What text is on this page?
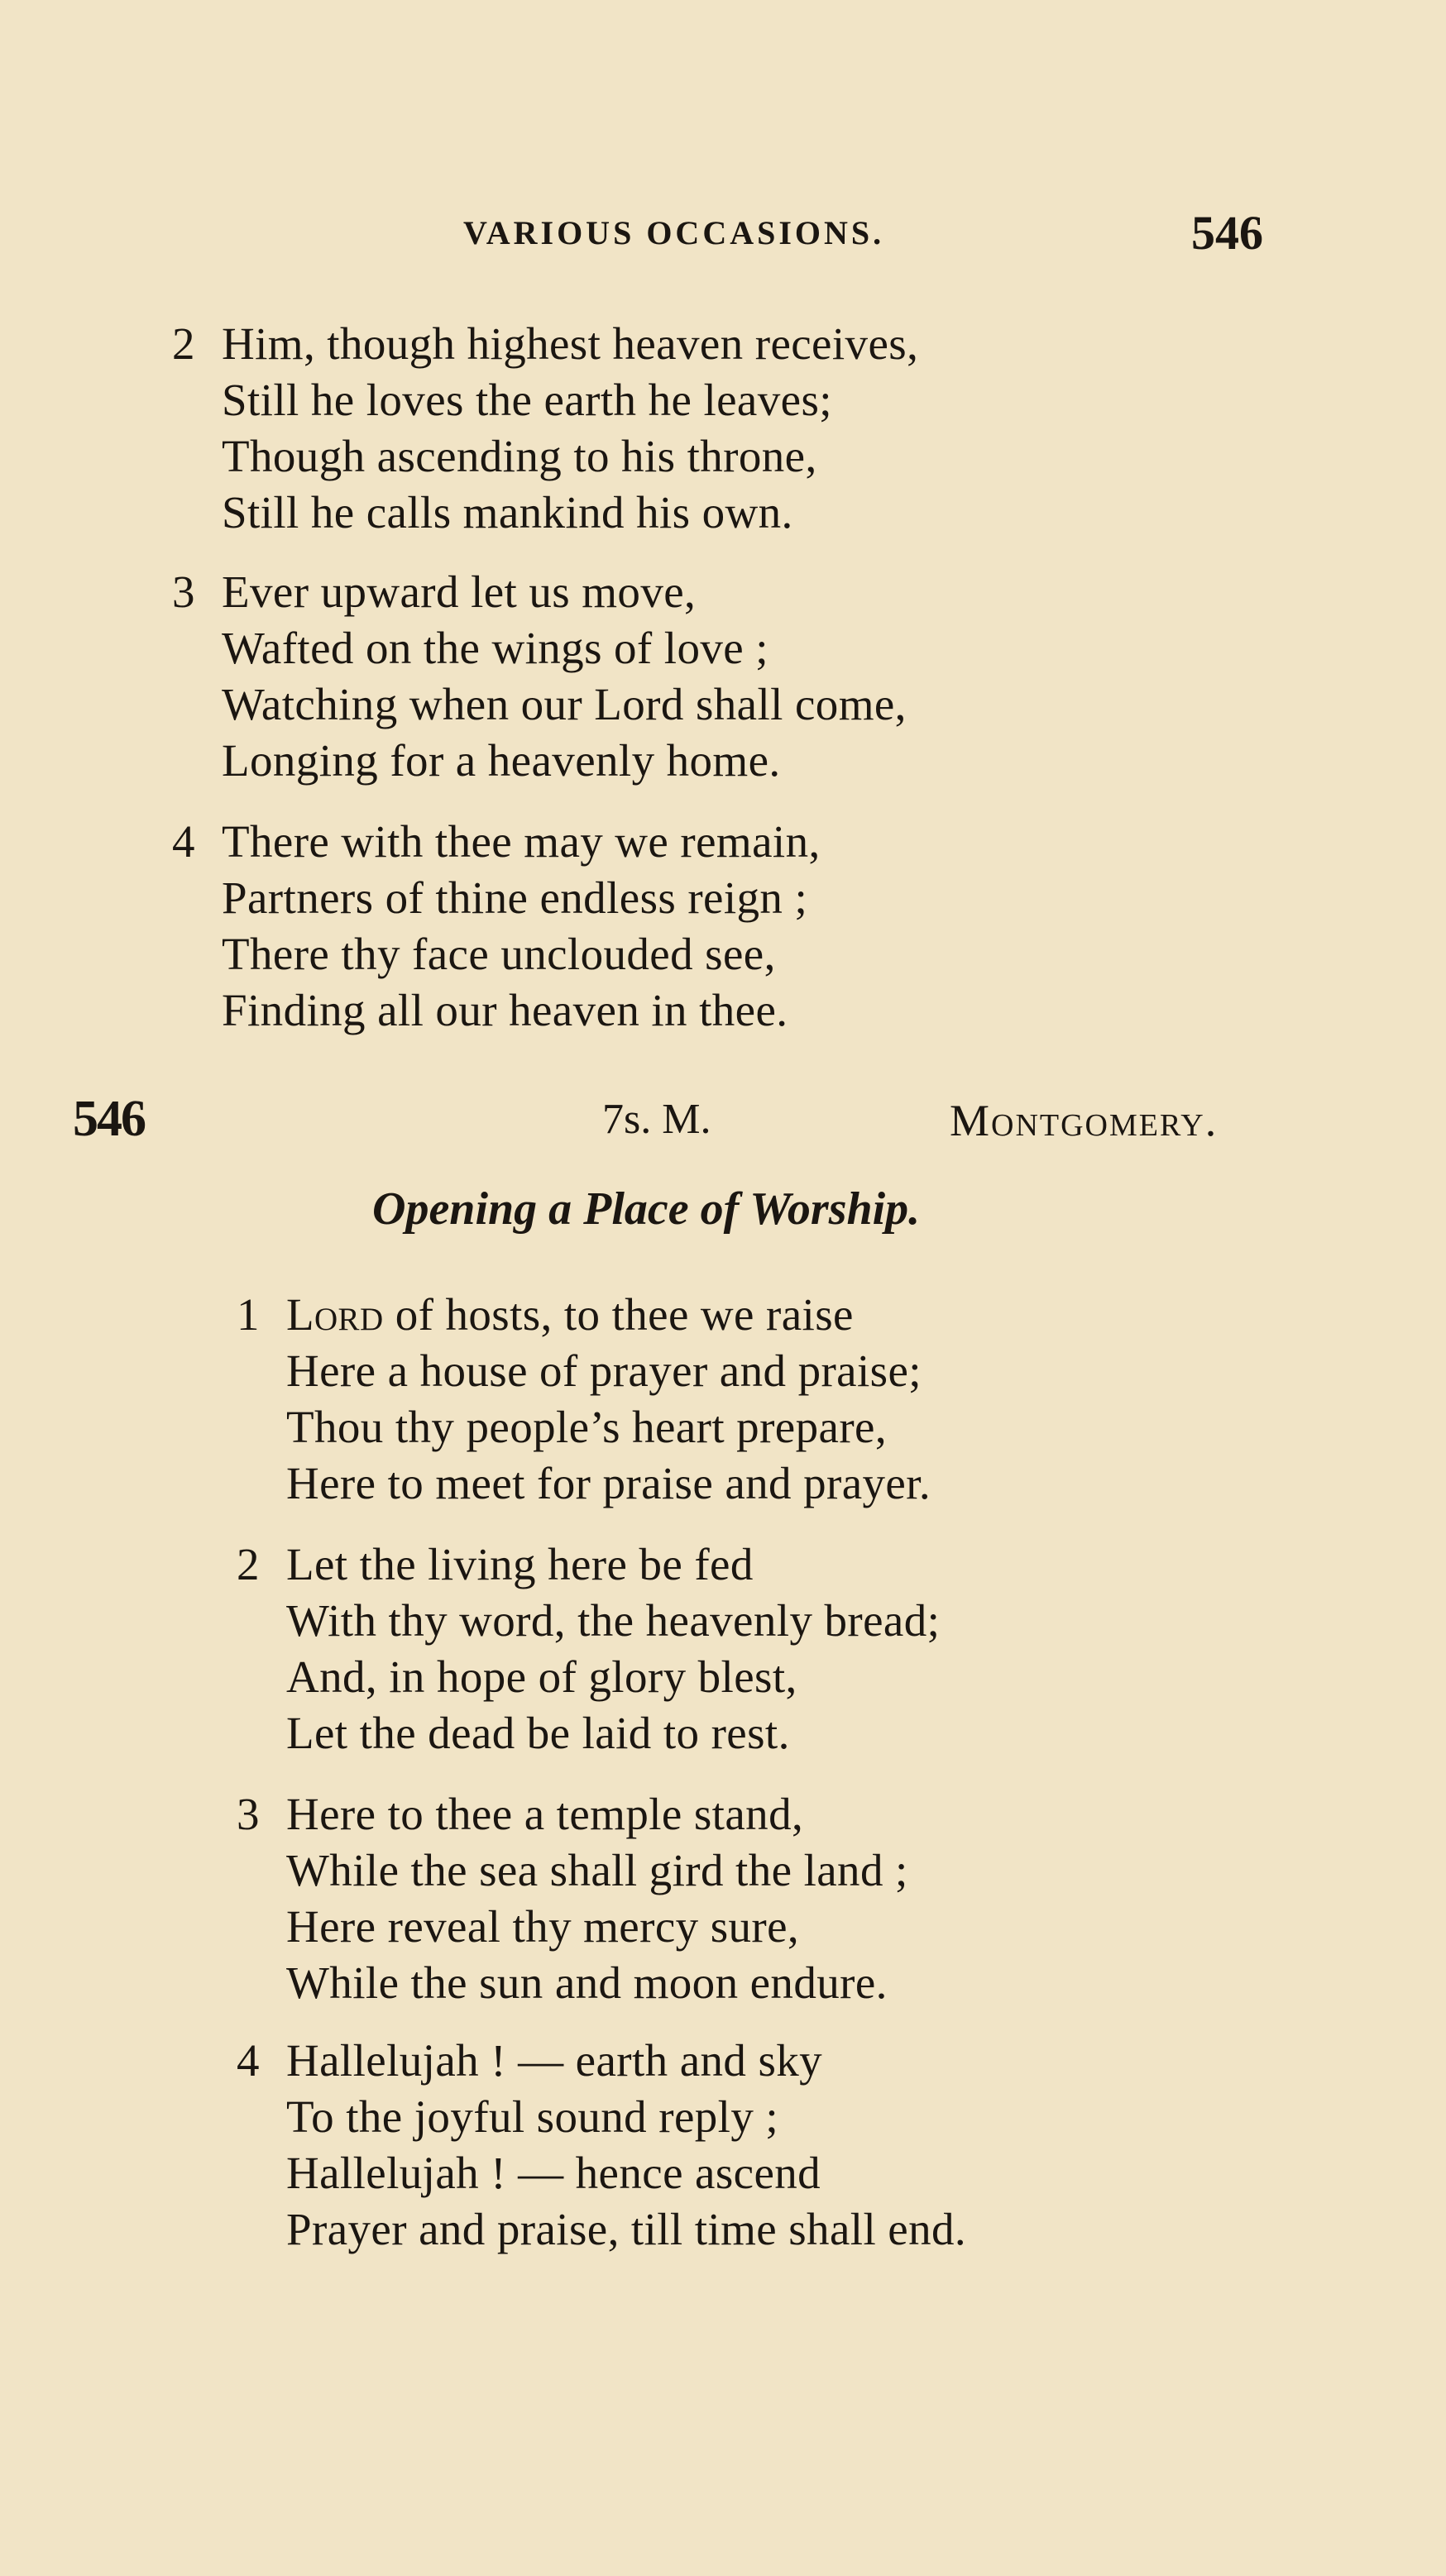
VARIOUS OCCASIONS.	546
2 Him, though highest heaven receives,
Still he loves the earth he leaves;
Though ascending to his throne,
Still he calls mankind his own.
3 Ever upward let us move,
Wafted on the wings of love ;
Watching when our Lord shall come,
Longing for a heavenly home.
4 There with thee may we remain,
Partners of thine endless reign ;
There thy face unclouded see,
Finding all our heaven in thee.
546	7s. M.	Montgomery.
Opening a Place of Worship.
1 Lord of hosts, to thee we raise
Here a house of prayer and praise;
Thou thy people’s heart prepare,
Here to meet for praise and prayer.
2 Let the living here be fed
With thy word, the heavenly bread;
And, in hope of glory blest,
Let the dead be laid to rest.
3 Here to thee a temple stand,
While the sea shall gird the land ;
Here reveal thy mercy sure,
While the sun and moon endure.
4 Hallelujah ! — earth and sky
To the joyful sound reply ;
Hallelujah ! — hence ascend
Prayer and praise, till time shall end.
